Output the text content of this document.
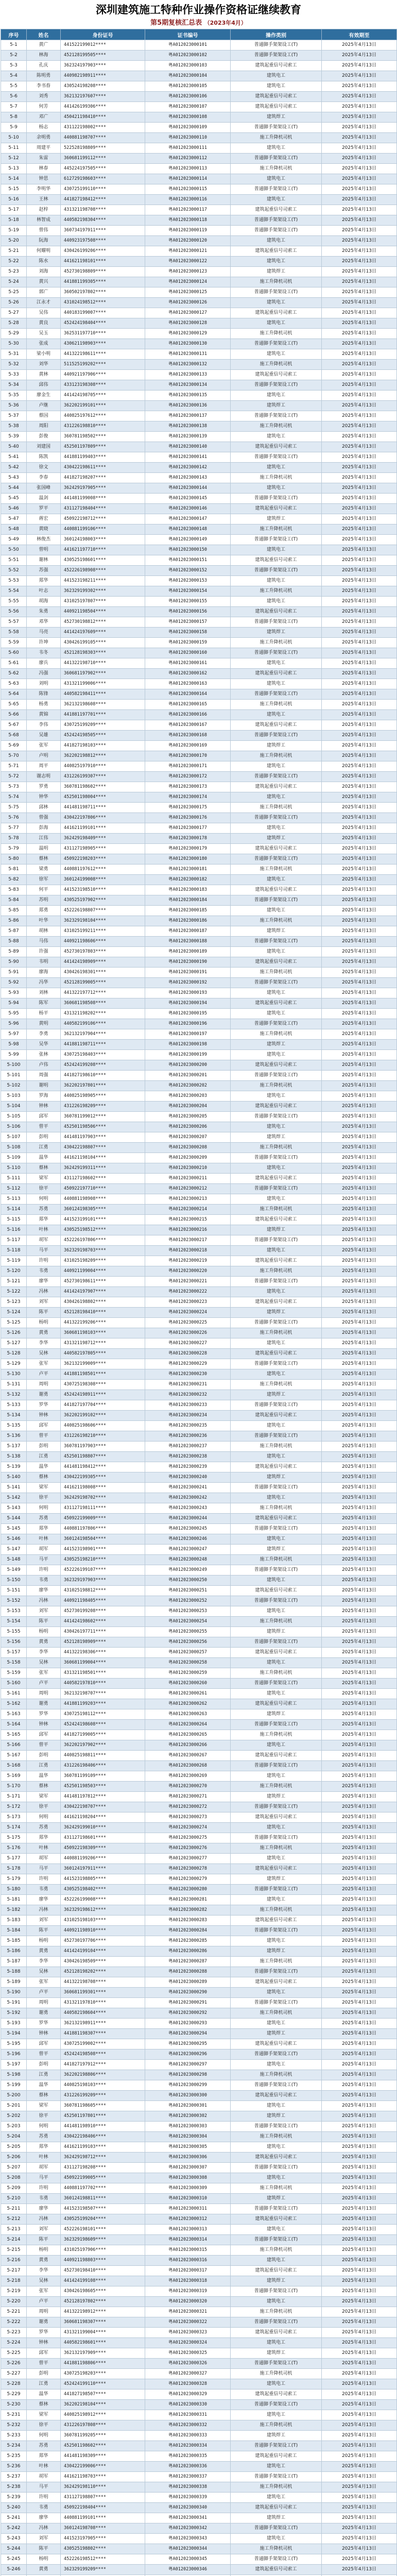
深圳建筑施工特种作业操作资格证继续教育
第5期复核汇总表 （2023年4月）
序号	姓名	身份证号	证书编号	操作类别	有效期至
5-1	黄广	441522199012****	粤A012023000101	普通脚手架架设工(T)	2025年4月13日
5-2	林海	452128199505****	粤A012023000102	普通脚手架架设工(T)	2025年4月13日
5-3	孔庆	362324197903****	粤A012023000103	建筑起重信号司索工	2025年4月13日
5-4	陈明勇	440982198911****	粤A012023000104	建筑电工	2025年4月13日
5-5	李书春	430524198208****	粤A012023000105	建筑电工	2025年4月13日
5-6	刘秀	362132197607****	粤A012023000106	建筑起重信号司索工	2025年4月13日
5-7	何芳	441426199306****	粤A012023000107	建筑起重信号司索工	2025年4月13日
5-8	邓广	450421198410****	粤A012023000108	建筑焊工	2025年4月13日
5-9	杨志	431122198002****	粤A012023000109	普通脚手架架设工(T)	2025年4月13日
5-10	余明勇	440881198707****	粤A012023000110	施工升降机司机	2025年4月13日
5-11	周建平	522528198809****	粤A012023000111	建筑电工	2025年4月13日
5-12	朱雷	360681199112****	粤A012023000112	普通脚手架架设工(T)	2025年4月13日
5-13	林春	445224197505****	粤A012023000113	施工升降机司机	2025年4月13日
5-14	钟思	612729198603****	粤A012023000114	建筑电工	2025年4月13日
5-15	李明华	430725199110****	粤A012023000115	普通脚手架架设工(T)	2025年4月13日
5-16	王林	441827198412****	粤A012023000116	建筑电工	2025年4月13日
5-17	赵梓	431321198708****	粤A012023000117	建筑起重信号司索工	2025年4月13日
5-18	林智成	440582198304****	粤A012023000118	普通脚手架架设工(T)	2025年4月13日
5-19	曾伟	360734197911****	粤A012023000119	普通脚手架架设工(T)	2025年4月13日
5-20	阮海	440923197508****	粤A012023000120	建筑电工	2025年4月13日
5-21	何耀明	430426199206****	粤A012023000121	建筑起重信号司索工	2025年4月13日
5-22	陈水	441621198101****	粤A012023000122	建筑电工	2025年4月13日
5-23	刘海	452730198809****	粤A012023000123	建筑焊工	2025年4月13日
5-24	黄兴	441881199305****	粤A012023000124	施工升降机司机	2025年4月13日
5-25	郭广	360502197802****	粤A012023000125	普通脚手架架设工(T)	2025年4月13日
5-26	江永才	431024198512****	粤A012023000126	建筑电工	2025年4月13日
5-27	吴伟	440183199007****	粤A012023000127	建筑起重信号司索工	2025年4月13日
5-28	黄良	452424198404****	粤A012023000128	建筑电工	2025年4月13日
5-29	吴玉	362531197710****	粤A012023000129	施工升降机司机	2025年4月13日
5-30	张成	430621198903****	粤A012023000130	普通脚手架架设工(T)	2025年4月13日
5-31	梁小明	441322198611****	粤A012023000131	建筑电工	2025年4月13日
5-32	刘华	511525199202****	粤A012023000132	施工升降机司机	2025年4月13日
5-33	黄林	440921197906****	粤A012023000133	建筑起重信号司索工	2025年4月13日
5-34	邱伟	433123198308****	粤A012023000134	普通脚手架架设工(T)	2025年4月13日
5-35	廖金生	441424198705****	粤A012023000135	建筑电工	2025年4月13日
5-36	卢继	362202199101****	粤A012023000136	建筑焊工	2025年4月13日
5-37	蔡国	440825197612****	粤A012023000137	普通脚手架架设工(T)	2025年4月13日
5-38	周阳	431226198810****	粤A012023000138	施工升降机司机	2025年4月13日
5-39	彭俊	360781198502****	粤A012023000139	建筑电工	2025年4月13日
5-40	刘建国	452501197809****	粤A012023000140	建筑起重信号司索工	2025年4月13日
5-41	陈凯	441881199403****	粤A012023000141	普通脚手架架设工(T)	2025年4月13日
5-42	徐文	430422198611****	粤A012023000142	建筑电工	2025年4月13日
5-43	李春	441827198207****	粤A012023000143	施工升降机司机	2025年4月13日
5-44	张国峰	362429197905****	粤A012023000144	建筑电工	2025年4月13日
5-45	温剑	441481199008****	粤A012023000145	普通脚手架架设工(T)	2025年4月13日
5-46	罗平	431127198404****	粤A012023000146	建筑起重信号司索工	2025年4月13日
5-47	蒋宏	450922198712****	粤A012023000147	建筑焊工	2025年4月13日
5-48	黄晓	440881199106****	粤A012023000148	施工升降机司机	2025年4月13日
5-49	林俊杰	360124198003****	粤A012023000149	普通脚手架架设工(T)	2025年4月13日
5-50	曾明	441621197710****	粤A012023000150	建筑电工	2025年4月13日
5-51	谢林	430525198601****	粤A012023000151	建筑起重信号司索工	2025年4月13日
5-52	苏强	452226198908****	粤A012023000152	普通脚手架架设工(T)	2025年4月13日
5-53	郑华	441523198211****	粤A012023000153	建筑电工	2025年4月13日
5-54	叶志	362329199302****	粤A012023000154	施工升降机司机	2025年4月13日
5-55	胡海	431025197807****	粤A012023000155	建筑电工	2025年4月13日
5-56	朱勇	440921198504****	粤A012023000156	建筑起重信号司索工	2025年4月13日
5-57	邓华	452730198812****	粤A012023000157	普通脚手架架设工(T)	2025年4月13日
5-58	马亮	441424197609****	粤A012023000158	建筑焊工	2025年4月13日
5-59	许坤	430426199105****	粤A012023000159	施工升降机司机	2025年4月13日
5-60	韦冬	452128198303****	粤A012023000160	普通脚手架架设工(T)	2025年4月13日
5-61	廖兵	441322198710****	粤A012023000161	建筑电工	2025年4月13日
5-62	冯强	360681197902****	粤A012023000162	建筑起重信号司索工	2025年4月13日
5-63	刘明	431321199006****	粤A012023000163	建筑电工	2025年4月13日
5-64	陈锋	440582198411****	粤A012023000164	普通脚手架架设工(T)	2025年4月13日
5-65	杨勇	362132198608****	粤A012023000165	施工升降机司机	2025年4月13日
5-66	黄锦	441881197701****	粤A012023000166	建筑电工	2025年4月13日
5-67	李伟	430725199209****	粤A012023000167	建筑起重信号司索工	2025年4月13日
5-68	吴雄	452424198505****	粤A012023000168	普通脚手架架设工(T)	2025年4月13日
5-69	张军	441827198103****	粤A012023000169	建筑焊工	2025年4月13日
5-70	卢明	362202198812****	粤A012023000170	施工升降机司机	2025年4月13日
5-71	周平	440825197910****	粤A012023000171	建筑电工	2025年4月13日
5-72	谢志明	431226199307****	粤A012023000172	普通脚手架架设工(T)	2025年4月13日
5-73	罗勇	360781198602****	粤A012023000173	建筑起重信号司索工	2025年4月13日
5-74	钟华	452501198004****	粤A012023000174	建筑电工	2025年4月13日
5-75	邱林	441481198711****	粤A012023000175	施工升降机司机	2025年4月13日
5-76	曾强	430422197806****	粤A012023000176	普通脚手架架设工(T)	2025年4月13日
5-77	彭海	441621199101****	粤A012023000177	建筑电工	2025年4月13日
5-78	江伟	362429198409****	粤A012023000178	建筑焊工	2025年4月13日
5-79	温明	431127198905****	粤A012023000179	建筑起重信号司索工	2025年4月13日
5-80	蔡林	450922198203****	粤A012023000180	普通脚手架架设工(T)	2025年4月13日
5-81	梁勇	440881197612****	粤A012023000181	施工升降机司机	2025年4月13日
5-82	徐军	360124199008****	粤A012023000182	建筑电工	2025年4月13日
5-83	何平	441523198510****	粤A012023000183	建筑起重信号司索工	2025年4月13日
5-84	苏明	430525197902****	粤A012023000184	普通脚手架架设工(T)	2025年4月13日
5-85	郑勇	452226198807****	粤A012023000185	建筑电工	2025年4月13日
5-86	叶华	362329198104****	粤A012023000186	施工升降机司机	2025年4月13日
5-87	胡林	431025199211****	粤A012023000187	建筑焊工	2025年4月13日
5-88	马伟	440921198606****	粤A012023000188	普通脚手架架设工(T)	2025年4月13日
5-89	许强	452730197803****	粤A012023000189	建筑电工	2025年4月13日
5-90	韦明	441424198909****	粤A012023000190	建筑起重信号司索工	2025年4月13日
5-91	廖海	430426198301****	粤A012023000191	施工升降机司机	2025年4月13日
5-92	冯华	452128199005****	粤A012023000192	普通脚手架架设工(T)	2025年4月13日
5-93	刘林	441322197712****	粤A012023000193	建筑电工	2025年4月13日
5-94	陈军	360681198508****	粤A012023000194	建筑起重信号司索工	2025年4月13日
5-95	杨平	431321198202****	粤A012023000195	建筑电工	2025年4月13日
5-96	黄明	440582199106****	粤A012023000196	普通脚手架架设工(T)	2025年4月13日
5-97	李勇	362132197904****	粤A012023000197	施工升降机司机	2025年4月13日
5-98	吴华	441881198711****	粤A012023000198	建筑焊工	2025年4月13日
5-99	张林	430725198403****	粤A012023000199	建筑电工	2025年4月13日
5-100	卢伟	452424199208****	粤A012023000200	建筑起重信号司索工	2025年4月13日
5-101	周强	441827198610****	粤A012023000201	普通脚手架架设工(T)	2025年4月13日
5-102	谢明	362202197801****	粤A012023000202	施工升降机司机	2025年4月13日
5-103	罗海	440825198905****	粤A012023000203	建筑电工	2025年4月13日
5-104	钟林	431226198209****	粤A012023000204	建筑起重信号司索工	2025年4月13日
5-105	邱军	360781199012****	粤A012023000205	普通脚手架架设工(T)	2025年4月13日
5-106	曾平	452501198506****	粤A012023000206	建筑电工	2025年4月13日
5-107	彭明	441481197903****	粤A012023000207	建筑焊工	2025年4月13日
5-108	江勇	430422198807****	粤A012023000208	施工升降机司机	2025年4月13日
5-109	温华	441621198104****	粤A012023000209	普通脚手架架设工(T)	2025年4月13日
5-110	蔡林	362429199311****	粤A012023000210	建筑电工	2025年4月13日
5-111	梁军	431127198602****	粤A012023000211	建筑起重信号司索工	2025年4月13日
5-112	徐平	450922197710****	粤A012023000212	普通脚手架架设工(T)	2025年4月13日
5-113	何明	440881198908****	粤A012023000213	建筑电工	2025年4月13日
5-114	苏勇	360124198305****	粤A012023000214	施工升降机司机	2025年4月13日
5-115	郑华	441523199101****	粤A012023000215	建筑起重信号司索工	2025年4月13日
5-116	叶林	430525198512****	粤A012023000216	建筑焊工	2025年4月13日
5-117	胡军	452226197806****	粤A012023000217	普通脚手架架设工(T)	2025年4月13日
5-118	马平	362329198703****	粤A012023000218	建筑电工	2025年4月13日
5-119	许明	431025198209****	粤A012023000219	建筑起重信号司索工	2025年4月13日
5-120	韦勇	440921199004****	粤A012023000220	施工升降机司机	2025年4月13日
5-121	廖华	452730198611****	粤A012023000221	普通脚手架架设工(T)	2025年4月13日
5-122	冯林	441424197907****	粤A012023000222	建筑电工	2025年4月13日
5-123	刘军	430426198802****	粤A012023000223	建筑起重信号司索工	2025年4月13日
5-124	陈平	452128198410****	粤A012023000224	建筑焊工	2025年4月13日
5-125	杨明	441322199206****	粤A012023000225	普通脚手架架设工(T)	2025年4月13日
5-126	黄勇	360681198103****	粤A012023000226	施工升降机司机	2025年4月13日
5-127	李华	431321198712****	粤A012023000227	建筑电工	2025年4月13日
5-128	吴林	440582197805****	粤A012023000228	建筑起重信号司索工	2025年4月13日
5-129	张军	362132199009****	粤A012023000229	普通脚手架架设工(T)	2025年4月13日
5-130	卢平	441881198501****	粤A012023000230	建筑电工	2025年4月13日
5-131	周明	430725198308****	粤A012023000231	施工升降机司机	2025年4月13日
5-132	谢勇	452424198911****	粤A012023000232	建筑焊工	2025年4月13日
5-133	罗华	441827197704****	粤A012023000233	普通脚手架架设工(T)	2025年4月13日
5-134	钟林	362202199102****	粤A012023000234	建筑起重信号司索工	2025年4月13日
5-135	邱军	440825198606****	粤A012023000235	建筑电工	2025年4月13日
5-136	曾平	431226198210****	粤A012023000236	普通脚手架架设工(T)	2025年4月13日
5-137	彭明	360781197903****	粤A012023000237	施工升降机司机	2025年4月13日
5-138	江勇	452501198807****	粤A012023000238	建筑电工	2025年4月13日
5-139	温华	441481198412****	粤A012023000239	建筑起重信号司索工	2025年4月13日
5-140	蔡林	430422199305****	粤A012023000240	建筑焊工	2025年4月13日
5-141	梁军	441621198008****	粤A012023000241	普通脚手架架设工(T)	2025年4月13日
5-142	徐平	362429198702****	粤A012023000242	建筑电工	2025年4月13日
5-143	何明	431127198111****	粤A012023000243	施工升降机司机	2025年4月13日
5-144	苏勇	450922199009****	粤A012023000244	建筑起重信号司索工	2025年4月13日
5-145	郑华	440881197806****	粤A012023000245	普通脚手架架设工(T)	2025年4月13日
5-146	叶林	360124198504****	粤A012023000246	建筑电工	2025年4月13日
5-147	胡军	441523198901****	粤A012023000247	建筑焊工	2025年4月13日
5-148	马平	430525198210****	粤A012023000248	施工升降机司机	2025年4月13日
5-149	许明	452226199107****	粤A012023000249	普通脚手架架设工(T)	2025年4月13日
5-150	韦勇	362329197903****	粤A012023000250	建筑电工	2025年4月13日
5-151	廖华	431025198812****	粤A012023000251	建筑起重信号司索工	2025年4月13日
5-152	冯林	440921198405****	粤A012023000252	普通脚手架架设工(T)	2025年4月13日
5-153	刘军	452730199208****	粤A012023000253	建筑电工	2025年4月13日
5-154	陈平	441424198602****	粤A012023000254	施工升降机司机	2025年4月13日
5-155	杨明	430426197711****	粤A012023000255	建筑焊工	2025年4月13日
5-156	黄勇	452128198909****	粤A012023000256	普通脚手架架设工(T)	2025年4月13日
5-157	李华	441322198306****	粤A012023000257	建筑起重信号司索工	2025年4月13日
5-158	吴林	360681199004****	粤A012023000258	建筑电工	2025年4月13日
5-159	张军	431321198501****	粤A012023000259	施工升降机司机	2025年4月13日
5-160	卢平	440582197810****	粤A012023000260	普通脚手架架设工(T)	2025年4月13日
5-161	周明	362132198707****	粤A012023000261	建筑电工	2025年4月13日
5-162	谢勇	441881199203****	粤A012023000262	建筑起重信号司索工	2025年4月13日
5-163	罗华	430725198112****	粤A012023000263	建筑焊工	2025年4月13日
5-164	钟林	452424198608****	粤A012023000264	普通脚手架架设工(T)	2025年4月13日
5-165	邱军	441827199005****	粤A012023000265	施工升降机司机	2025年4月13日
5-166	曾平	362202197902****	粤A012023000266	建筑电工	2025年4月13日
5-167	彭明	440825198811****	粤A012023000267	建筑起重信号司索工	2025年4月13日
5-168	江勇	431226198406****	粤A012023000268	普通脚手架架设工(T)	2025年4月13日
5-169	温华	360781199109****	粤A012023000269	建筑电工	2025年4月13日
5-170	蔡林	452501198503****	粤A012023000270	施工升降机司机	2025年4月13日
5-171	梁军	441481197812****	粤A012023000271	建筑焊工	2025年4月13日
5-172	徐平	430422198707****	粤A012023000272	普通脚手架架设工(T)	2025年4月13日
5-173	何明	441621198204****	粤A012023000273	建筑起重信号司索工	2025年4月13日
5-174	苏勇	362429199010****	粤A012023000274	建筑电工	2025年4月13日
5-175	郑华	431127198601****	粤A012023000275	普通脚手架架设工(T)	2025年4月13日
5-176	叶林	450922198309****	粤A012023000276	施工升降机司机	2025年4月13日
5-177	胡军	440881199206****	粤A012023000277	建筑电工	2025年4月13日
5-178	马平	360124197911****	粤A012023000278	建筑起重信号司索工	2025年4月13日
5-179	许明	441523198805****	粤A012023000279	建筑焊工	2025年4月13日
5-180	韦勇	430525198402****	粤A012023000280	普通脚手架架设工(T)	2025年4月13日
5-181	廖华	452226199008****	粤A012023000281	建筑电工	2025年4月13日
5-182	冯林	362329198612****	粤A012023000282	施工升降机司机	2025年4月13日
5-183	刘军	431025198103****	粤A012023000283	建筑起重信号司索工	2025年4月13日
5-184	陈平	440921198910****	粤A012023000284	普通脚手架架设工(T)	2025年4月13日
5-185	杨明	452730197706****	粤A012023000285	建筑电工	2025年4月13日
5-186	黄勇	441424199104****	粤A012023000286	建筑焊工	2025年4月13日
5-187	李华	430426198509****	粤A012023000287	施工升降机司机	2025年4月13日
5-188	吴林	452128198202****	粤A012023000288	普通脚手架架设工(T)	2025年4月13日
5-189	张军	441322198708****	粤A012023000289	建筑起重信号司索工	2025年4月13日
5-190	卢平	360681199301****	粤A012023000290	建筑电工	2025年4月13日
5-191	周明	431321197810****	粤A012023000291	普通脚手架架设工(T)	2025年4月13日
5-192	谢勇	440582198604****	粤A012023000292	施工升降机司机	2025年4月13日
5-193	罗华	362132198911****	粤A012023000293	建筑电工	2025年4月13日
5-194	钟林	441881198307****	粤A012023000294	建筑焊工	2025年4月13日
5-195	邱军	430725199002****	粤A012023000295	建筑起重信号司索工	2025年4月13日
5-196	曾平	452424198508****	粤A012023000296	普通脚手架架设工(T)	2025年4月13日
5-197	彭明	441827197912****	粤A012023000297	建筑电工	2025年4月13日
5-198	江勇	362202198806****	粤A012023000298	施工升降机司机	2025年4月13日
5-199	温华	440825198103****	粤A012023000299	普通脚手架架设工(T)	2025年4月13日
5-200	蔡林	431226199209****	粤A012023000300	建筑起重信号司索工	2025年4月13日
5-201	梁军	360781198605****	粤A012023000301	建筑电工	2025年4月13日
5-202	徐平	452501197801****	粤A012023000302	建筑焊工	2025年4月13日
5-203	何明	441481198910****	粤A012023000303	普通脚手架架设工(T)	2025年4月13日
5-204	苏勇	430422198406****	粤A012023000304	施工升降机司机	2025年4月13日
5-205	郑华	441621199103****	粤A012023000305	建筑电工	2025年4月13日
5-206	叶林	362429198712****	粤A012023000306	建筑起重信号司索工	2025年4月13日
5-207	胡军	431127198208****	粤A012023000307	普通脚手架架设工(T)	2025年4月13日
5-208	马平	450922199005****	粤A012023000308	建筑电工	2025年4月13日
5-209	许明	440881197702****	粤A012023000309	施工升降机司机	2025年4月13日
5-210	韦勇	360124198811****	粤A012023000310	建筑焊工	2025年4月13日
5-211	廖华	441523198507****	粤A012023000311	普通脚手架架设工(T)	2025年4月13日
5-212	冯林	430525199204****	粤A012023000312	建筑起重信号司索工	2025年4月13日
5-213	刘军	452226198101****	粤A012023000313	建筑电工	2025年4月13日
5-214	陈平	362329198609****	粤A012023000314	普通脚手架架设工(T)	2025年4月13日
5-215	杨明	431025197906****	粤A012023000315	施工升降机司机	2025年4月13日
5-216	黄勇	440921198803****	粤A012023000316	建筑电工	2025年4月13日
5-217	李华	452730198410****	粤A012023000317	建筑起重信号司索工	2025年4月13日
5-218	吴林	441424199108****	粤A012023000318	建筑焊工	2025年4月13日
5-219	张军	430426198605****	粤A012023000319	普通脚手架架设工(T)	2025年4月13日
5-220	卢平	452128197802****	粤A012023000320	建筑电工	2025年4月13日
5-221	周明	441322198912****	粤A012023000321	施工升降机司机	2025年4月13日
5-222	谢勇	360681198307****	粤A012023000322	普通脚手架架设工(T)	2025年4月13日
5-223	罗华	431321199004****	粤A012023000323	建筑起重信号司索工	2025年4月13日
5-224	钟林	440582198601****	粤A012023000324	建筑电工	2025年4月13日
5-225	邱军	362132197909****	粤A012023000325	建筑焊工	2025年4月13日
5-226	曾平	441881198806****	粤A012023000326	普通脚手架架设工(T)	2025年4月13日
5-227	彭明	430725198203****	粤A012023000327	施工升降机司机	2025年4月13日
5-228	江勇	452424199110****	粤A012023000328	建筑电工	2025年4月13日
5-229	温华	441827198507****	粤A012023000329	建筑起重信号司索工	2025年4月13日
5-230	蔡林	362202198104****	粤A012023000330	普通脚手架架设工(T)	2025年4月13日
5-231	梁军	440825198912****	粤A012023000331	建筑电工	2025年4月13日
5-232	徐平	431226197808****	粤A012023000332	施工升降机司机	2025年4月13日
5-233	何明	360781199205****	粤A012023000333	建筑焊工	2025年4月13日
5-234	苏勇	452501198602****	粤A012023000334	普通脚手架架设工(T)	2025年4月13日
5-235	郑华	441481198309****	粤A012023000335	建筑起重信号司索工	2025年4月13日
5-236	叶林	430422199006****	粤A012023000336	建筑电工	2025年4月13日
5-237	胡军	441621198703****	粤A012023000337	普通脚手架架设工(T)	2025年4月13日
5-238	马平	362429198110****	粤A012023000338	施工升降机司机	2025年4月13日
5-239	许明	431127198807****	粤A012023000339	建筑电工	2025年4月13日
5-240	韦勇	450922198404****	粤A012023000340	建筑起重信号司索工	2025年4月13日
5-241	廖华	440881199101****	粤A012023000341	建筑焊工	2025年4月13日
5-242	冯林	360124198708****	粤A012023000342	普通脚手架架设工(T)	2025年4月13日
5-243	刘军	441523197905****	粤A012023000343	建筑电工	2025年4月13日
5-244	陈平	430525198802****	粤A012023000344	施工升降机司机	2025年4月13日
5-245	杨明	452226198512****	粤A012023000345	普通脚手架架设工(T)	2025年4月13日
5-246	黄勇	362329199209****	粤A012023000346	建筑起重信号司索工	2025年4月13日
